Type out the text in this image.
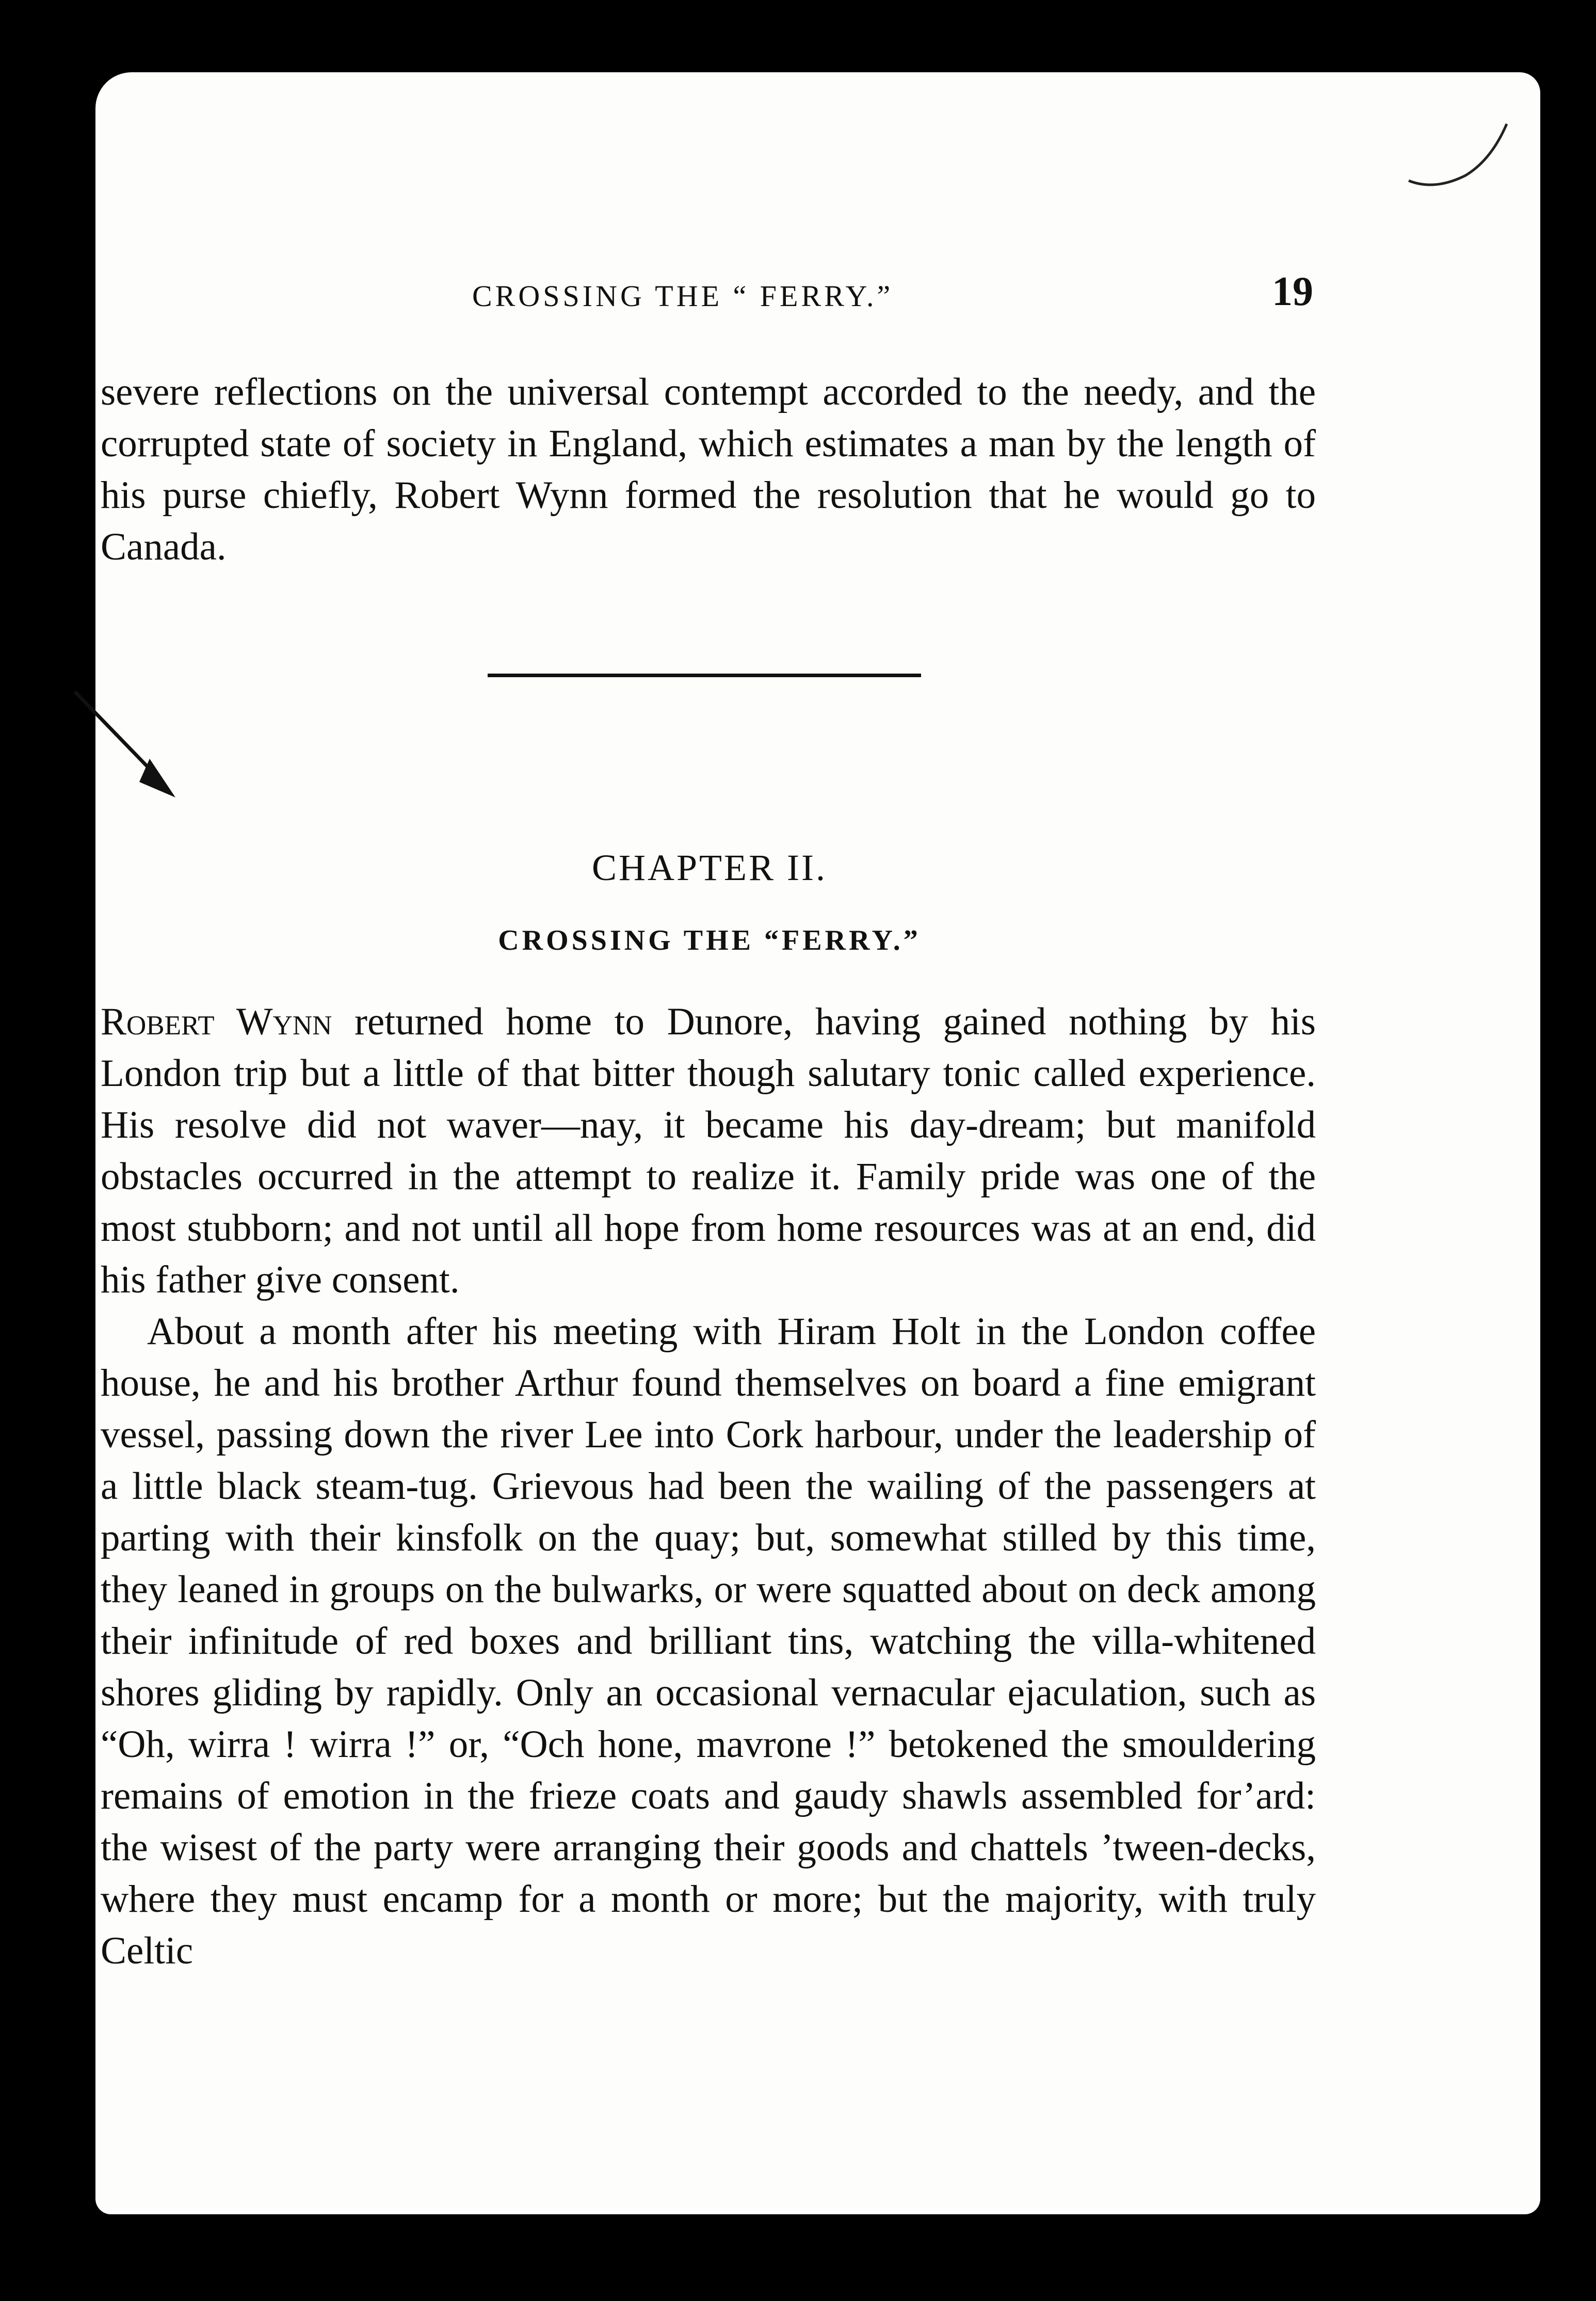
CROSSING THE “ FERRY.”	19

severe reflections on the universal contempt accorded to the needy, and the corrupted state of society in England, which estimates a man by the length of his purse chiefly, Robert Wynn formed the resolution that he would go to Canada.

CHAPTER II.
CROSSING THE “FERRY.”

Robert Wynn returned home to Dunore, having gained nothing by his London trip but a little of that bitter though salutary tonic called experience. His resolve did not waver—nay, it became his day-dream; but manifold obstacles occurred in the attempt to realize it. Family pride was one of the most stubborn; and not until all hope from home resources was at an end, did his father give consent.

About a month after his meeting with Hiram Holt in the London coffee house, he and his brother Arthur found themselves on board a fine emigrant vessel, passing down the river Lee into Cork harbour, under the leadership of a little black steam-tug. Grievous had been the wailing of the passengers at parting with their kinsfolk on the quay; but, somewhat stilled by this time, they leaned in groups on the bulwarks, or were squatted about on deck among their infinitude of red boxes and brilliant tins, watching the villa-whitened shores gliding by rapidly. Only an occasional vernacular ejaculation, such as “Oh, wirra ! wirra !” or, “Och hone, mavrone !” betokened the smouldering remains of emotion in the frieze coats and gaudy shawls assembled for’ard: the wisest of the party were arranging their goods and chattels ’tween-decks, where they must encamp for a month or more; but the majority, with truly Celtic
